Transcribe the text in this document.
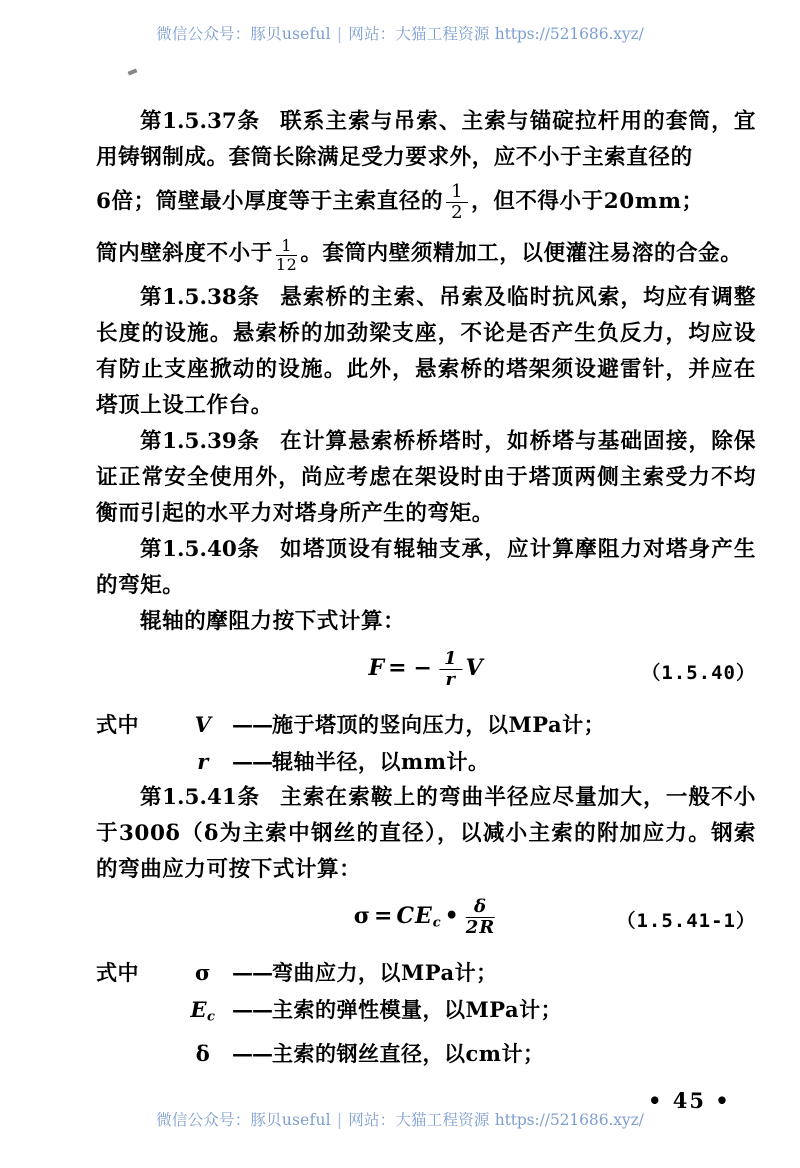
微信公众号：豚贝useful | 网站：大猫工程资源 https://521686.xyz/

第1.5.37条 联系主索与吊索、主索与锚碇拉杆用的套筒，宜用铸钢制成。套筒长除满足受力要求外，应不小于主索直径的

6倍；筒壁最小厚度等于主索直径的 $\frac{1}{2}$ ，但不得小于20mm；

筒内壁斜度不小于 $\frac{1}{12}$ 。套筒内壁须精加工，以便灌注易溶的合金。

第1.5.38条 悬索桥的主索、吊索及临时抗风索，均应有调整长度的设施。悬索桥的加劲梁支座，不论是否产生负反力，均应设有防止支座掀动的设施。此外，悬索桥的塔架须设避雷针，并应在塔顶上设工作台。

第1.5.39条 在计算悬索桥桥塔时，如桥塔与基础固接，除保证正常安全使用外，尚应考虑在架设时由于塔顶两侧主索受力不均衡而引起的水平力对塔身所产生的弯矩。

第1.5.40条 如塔顶设有辊轴支承，应计算摩阻力对塔身产生的弯矩。

辊轴的摩阻力按下式计算：

F = − $\frac{1}{r}$ V	（1.5.40）
式中	V ——施于塔顶的竖向压力，以MPa计；
r ——辊轴半径，以mm计。

第1.5.41条 主索在索鞍上的弯曲半径应尽量加大，一般不小于300δ（δ为主索中钢丝的直径），以减小主索的附加应力。钢索的弯曲应力可按下式计算：

$\sigma = CE_c$ • $\frac{\delta}{2R}$	（1.5.41-1）
式中	σ ——弯曲应力，以MPa计；
$E_c$ ——主索的弹性模量，以MPa计；
δ ——主索的钢丝直径，以cm计；
• 45 •
微信公众号：豚贝useful | 网站：大猫工程资源 https://521686.xyz/
